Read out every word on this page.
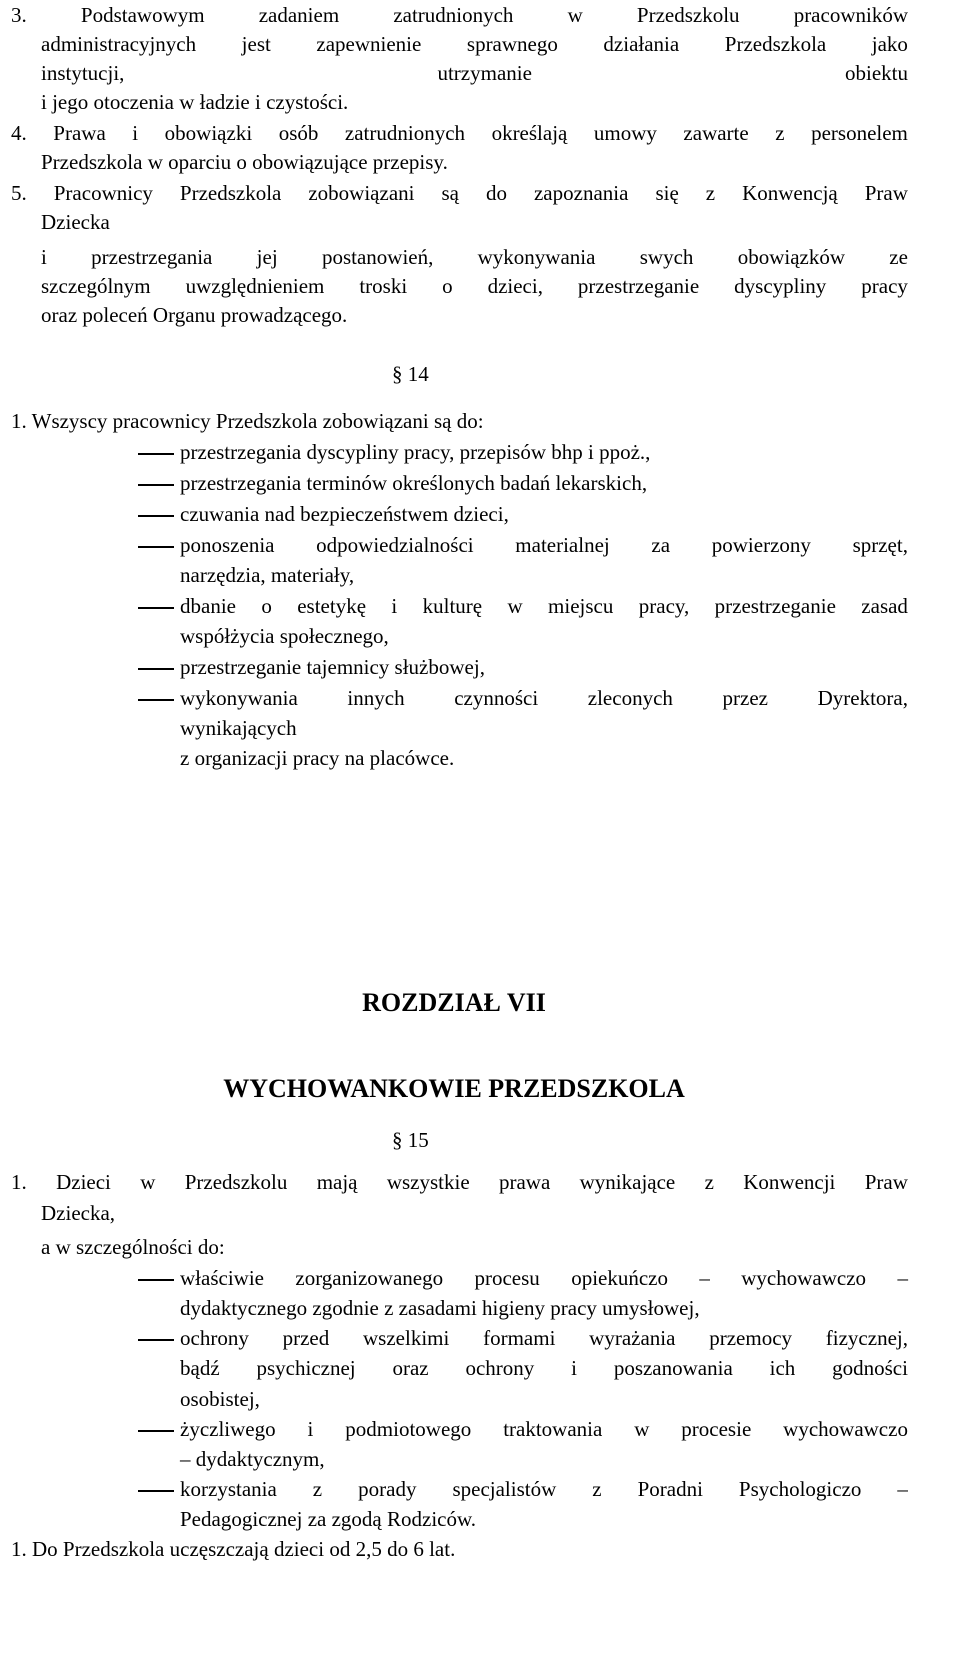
3.	Podstawowym	zadaniem	zatrudnionych	w	Przedszkolu	pracowników
administracyjnych jest zapewnienie sprawnego działania Przedszkola jako
instytucji,	utrzymanie	obiektu
i jego otoczenia w ładzie i czystości.
4. Prawa i obowiązki osób zatrudnionych określają umowy zawarte z personelem
Przedszkola w oparciu o obowiązujące przepisy.
5. Pracownicy Przedszkola zobowiązani są do zapoznania się z Konwencją Praw
Dziecka
i przestrzegania jej postanowień, wykonywania swych obowiązków ze
szczególnym uwzględnieniem troski o dzieci, przestrzeganie dyscypliny pracy
oraz poleceń Organu prowadzącego.
§ 14
1. Wszyscy pracownicy Przedszkola zobowiązani są do:
przestrzegania dyscypliny pracy, przepisów bhp i ppoż.,
przestrzegania terminów określonych badań lekarskich,
czuwania nad bezpieczeństwem dzieci,
ponoszenia odpowiedzialności materialnej za powierzony sprzęt,
narzędzia, materiały,
dbanie o estetykę i kulturę w miejscu pracy, przestrzeganie zasad
współżycia społecznego,
przestrzeganie tajemnicy służbowej,
wykonywania innych czynności zleconych przez Dyrektora,
wynikających
z organizacji pracy na placówce.
ROZDZIAŁ VII
WYCHOWANKOWIE PRZEDSZKOLA
§ 15
1. Dzieci w Przedszkolu mają wszystkie prawa wynikające z Konwencji Praw
Dziecka,
a w szczególności do:
właściwie zorganizowanego procesu opiekuńczo – wychowawczo –
dydaktycznego zgodnie z zasadami higieny pracy umysłowej,
ochrony przed wszelkimi formami wyrażania przemocy fizycznej,
bądź psychicznej oraz ochrony i poszanowania ich godności
osobistej,
życzliwego i podmiotowego traktowania w procesie wychowawczo
– dydaktycznym,
korzystania z porady specjalistów z Poradni Psychologiczo –
Pedagogicznej za zgodą Rodziców.
1. Do Przedszkola uczęszczają dzieci od 2,5 do 6 lat.
